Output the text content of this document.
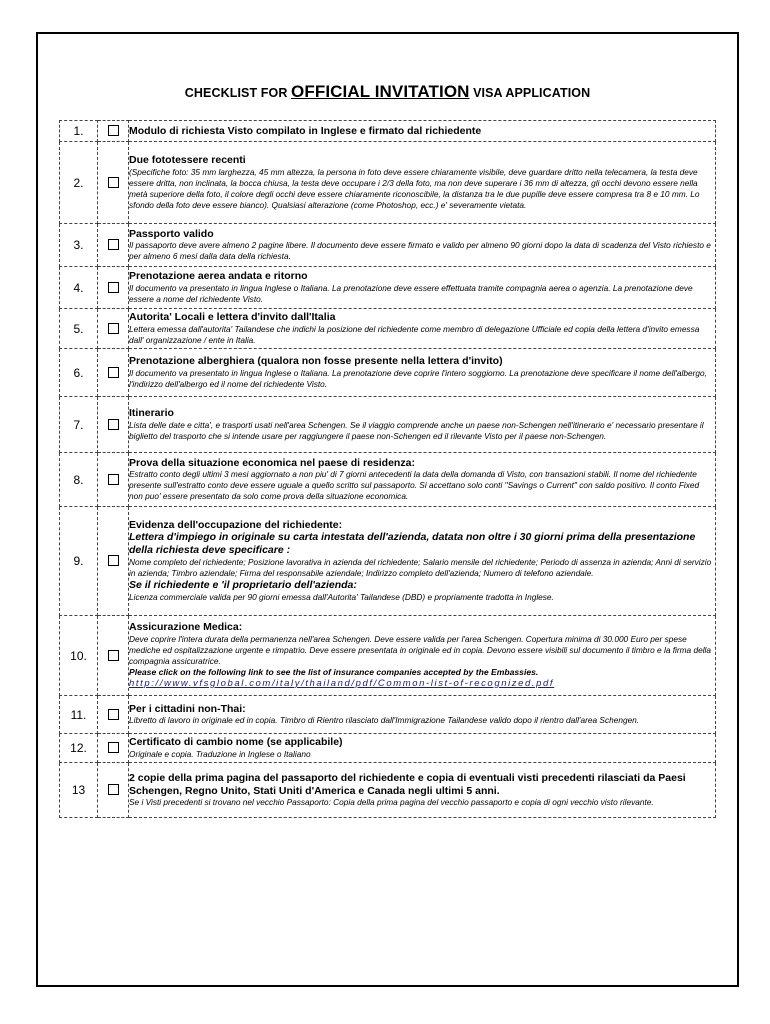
CHECKLIST FOR OFFICIAL INVITATION VISA APPLICATION
1.		Modulo di richiesta Visto compilato in Inglese e firmato dal richiedente

2.		Due fototessere recenti
(Specifiche foto: 35 mm larghezza, 45 mm altezza, la persona in foto deve essere chiaramente visibile, deve guardare dritto nella telecamera, la testa deve essere dritta, non inclinata, la bocca chiusa, la testa deve occupare i 2/3 della foto, ma non deve superare i 36 mm di altezza, gli occhi devono essere nella metà superiore della foto, il colore degli occhi deve essere chiaramente riconoscibile, la distanza tra le due pupille deve essere compresa tra 8 e 10 mm. Lo sfondo della foto deve essere bianco). Qualsiasi alterazione (come Photoshop, ecc.) e' severamente vietata.

3.		Passporto valido
Il passaporto deve avere almeno 2 pagine libere. Il documento deve essere firmato e valido per almeno 90 giorni dopo la data di scadenza del Visto richiesto e per almeno 6 mesi dalla data della richiesta.

4.		Prenotazione aerea andata e ritorno
Il documento va presentato in lingua Inglese o Italiana. La prenotazione deve essere effettuata tramite compagnia aerea o agenzia. La prenotazione deve essere a nome del richiedente Visto.

5.		Autorita' Locali e lettera d'invito dall'Italia
Lettera emessa dall'autorita' Tailandese che indichi la posizione del richiedente come membro di delegazione Ufficiale ed copia della lettera d'invito emessa dall' organizzazione / ente in Italia.

6.		Prenotazione alberghiera (qualora non fosse presente nella lettera d'invito)
Il documento va presentato in lingua Inglese o Italiana. La prenotazione deve coprire l'intero soggiorno. La prenotazione deve specificare il nome dell'albergo, l'indirizzo dell'albergo ed il nome del richiedente Visto.

7.		Itinerario
Lista delle date e citta', e trasporti usati nell'area Schengen. Se il viaggio comprende anche un paese non-Schengen nell'itinerario e' necessario presentare il biglietto del trasporto che si intende usare per raggiungere il paese non-Schengen ed il rilevante Visto per il paese non-Schengen.

8.		Prova della situazione economica nel paese di residenza:
Estratto conto degli ultimi 3 mesi aggiornato a non piu' di 7 giorni antecedenti la data della domanda di Visto, con transazioni stabili. Il nome del richiedente presente sull'estratto conto deve essere uguale a quello scritto sul passaporto. Si accettano solo conti "Savings o Current" con saldo positivo. Il conto Fixed non puo' essere presentato da solo come prova della situazione economica.

9.		Evidenza dell'occupazione del richiedente:
Lettera d'impiego in originale su carta intestata dell'azienda, datata non oltre i 30 giorni prima della presentazione della richiesta deve specificare :
Nome completo del richiedente; Posizione lavorativa in azienda del richiedente; Salario mensile del richiedente; Periodo di assenza in azienda; Anni di servizio in azienda; Timbro aziendale; Firma del responsabile aziendale; Indirizzo completo dell'azienda; Numero di telefono aziendale.
Se il richiedente e 'il proprietario dell'azienda:
Licenza commerciale valida per 90 giorni emessa dall'Autorita' Tailandese (DBD) e propriamente tradotta in Inglese.

10.		Assicurazione Medica:
Deve coprire l'intera durata della permanenza nell'area Schengen. Deve essere valida per l'area Schengen. Copertura minima di 30.000 Euro per spese mediche ed ospitalizzazione urgente e rimpatrio. Deve essere presentata in originale ed in copia. Devono essere visibili sul documento il timbro e la firma della compagnia assicuratrice.
Please click on the following link to see the list of insurance companies accepted by the Embassies.
http://www.vfsglobal.com/italy/thailand/pdf/Common-list-of-recognized.pdf

11.		Per i cittadini non-Thai:
Libretto di lavoro in originale ed in copia. Timbro di Rientro rilasciato dall'Immigrazione Tailandese valido dopo il rientro dall'area Schengen.

12.		Certificato di cambio nome (se applicabile)
Originale e copia. Traduzione in Inglese o Italiano

13		2 copie della prima pagina del passaporto del richiedente e copia di eventuali visti precedenti rilasciati da Paesi Schengen, Regno Unito, Stati Uniti d'America e Canada negli ultimi 5 anni.
Se i Visti precedenti si trovano nel vecchio Passaporto: Copia della prima pagina del vecchio passaporto e copia di ogni vecchio visto rilevante.
